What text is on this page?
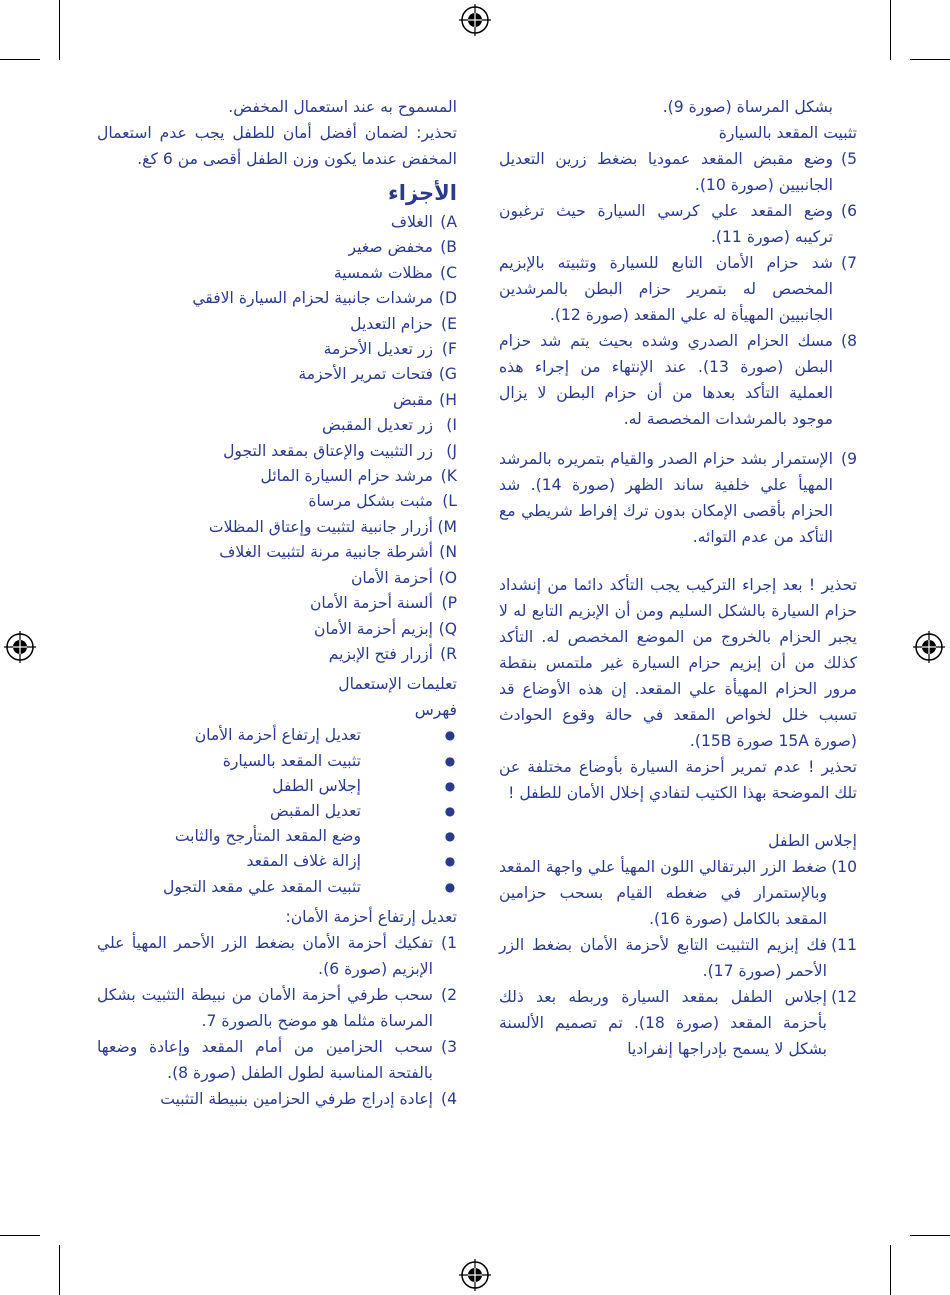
بشكل المرساة (صورة 9).

تثبيت المقعد بالسيارة

5)
وضع مقبض المقعد عموديا بضغط زرين التعديل الجانبيين (صورة 10).
6)
وضع المقعد علي كرسي السيارة حيث ترغبون تركيبه (صورة 11).
7)
شد حزام الأمان التابع للسيارة وتثبيته بالإبزيم المخصص له بتمرير حزام البطن بالمرشدين الجانبيين المهيأة له علي المقعد (صورة 12).
8)
مسك الحزام الصدري وشده بحيث يتم شد حزام البطن (صورة 13). عند الإنتهاء من إجراء هذه العملية التأكد بعدها من أن حزام البطن لا يزال موجود بالمرشدات المخصصة له.
9)
الإستمرار بشد حزام الصدر والقيام بتمريره بالمرشد المهيأ علي خلفية ساند الظهر (صورة 14). شد الحزام بأقصى الإمكان بدون ترك إفراط شريطي مع التأكد من عدم التوائه.

تحذير ! بعد إجراء التركيب يجب التأكد دائما من إنشداد حزام السيارة بالشكل السليم ومن أن الإبزيم التابع له لا يجبر الحزام بالخروج من الموضع المخصص له. التأكد كذلك من أن إبزيم حزام السيارة غير ملتمس بنقطة مرور الحزام المهيأة علي المقعد. إن هذه الأوضاع قد تسبب خلل لخواص المقعد في حالة وقوع الحوادث (صورة 15A صورة 15B).

تحذير ! عدم تمرير أحزمة السيارة بأوضاع مختلفة عن تلك الموضحة بهذا الكتيب لتفادي إخلال الأمان للطفل !

إجلاس الطفل

10)
ضغط الزر البرتقالي اللون المهيأ علي واجهة المقعد وبالإستمرار في ضغطه القيام بسحب حزامين المقعد بالكامل (صورة 16).
11)
فك إبزيم التثبيت التابع لأحزمة الأمان بضغط الزر الأحمر (صورة 17).
12)
إجلاس الطفل بمقعد السيارة وربطه بعد ذلك بأحزمة المقعد (صورة 18). تم تصميم الألسنة بشكل لا يسمح بإدراجها إنفراديا

المسموح به عند استعمال المخفض.

تحذير: لضمان أفضل أمان للطفل يجب عدم استعمال المخفض عندما يكون وزن الطفل أقصى من 6 كغ.

الأجزاء
A)
الغلاف
B)
مخفض صغير
C)
مظلات شمسية
D)
مرشدات جانبية لحزام السيارة الافقي
E)
حزام التعديل
F)
زر تعديل الأحزمة
G)
فتحات تمرير الأحزمة
H)
مقبض
I)
زر تعديل المقبض
J)
زر التثبيت والإعتاق بمقعد التجول
K)
مرشد حزام السيارة المائل
L)
مثبت بشكل مرساة
M)
أزرار جانبية لتثبيت وإعتاق المظلات
N)
أشرطة جانبية مرنة لتثبيت الغلاف
O)
أحزمة الأمان
P)
ألسنة أحزمة الأمان
Q)
إبزيم أحزمة الأمان
R)
أزرار فتح الإبزيم
تعليمات الإستعمال
فهرس
●
تعديل إرتفاع أحزمة الأمان
●
تثبيت المقعد بالسيارة
●
إجلاس الطفل
●
تعديل المقبض
●
وضع المقعد المتأرجح والثابت
●
إزالة غلاف المقعد
●
تثبيت المقعد علي مقعد التجول
تعديل إرتفاع أحزمة الأمان:
1)
تفكيك أحزمة الأمان بضغط الزر الأحمر المهيأ علي الإبزيم (صورة 6).
2)
سحب طرفي أحزمة الأمان من نبيطة التثبيت بشكل المرساة مثلما هو موضح بالصورة 7.
3)
سحب الحزامين من أمام المقعد وإعادة وضعها بالفتحة المناسبة لطول الطفل (صورة 8).
4)
إعادة إدراج طرفي الحزامين بنبيطة التثبيت
